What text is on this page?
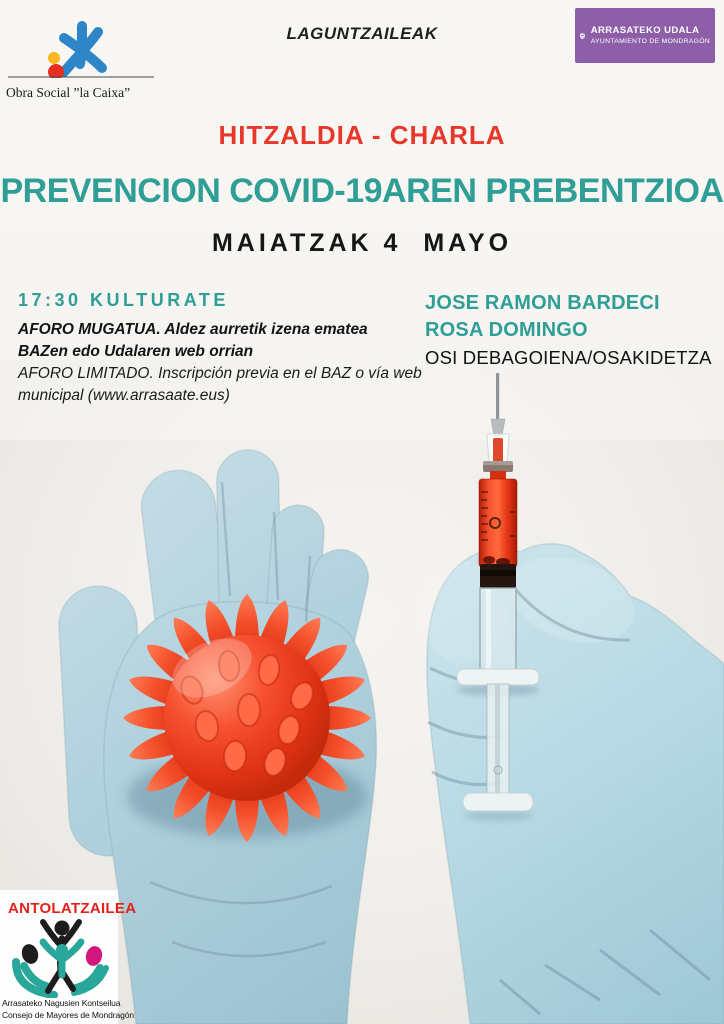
Obra Social ”la Caixa”
LAGUNTZAILEAK	ARRASATEKO UDALA
AYUNTAMIENTO DE MONDRAGÓN
HITZALDIA - CHARLA
PREVENCION COVID-19AREN PREBENTZIOA
MAIATZAK 4  MAYO
17:30 KULTURATE
AFORO MUGATUA. Aldez aurretik izena ematea
BAZen edo Udalaren web orrian
AFORO LIMITADO. Inscripción previa en el BAZ o vía web
municipal (www.arrasaate.eus)
JOSE RAMON BARDECI
ROSA DOMINGO
OSI DEBAGOIENA/OSAKIDETZA
ANTOLATZAILEA
Arrasateko Nagusien Kontseilua
Consejo de Mayores de Mondragón
